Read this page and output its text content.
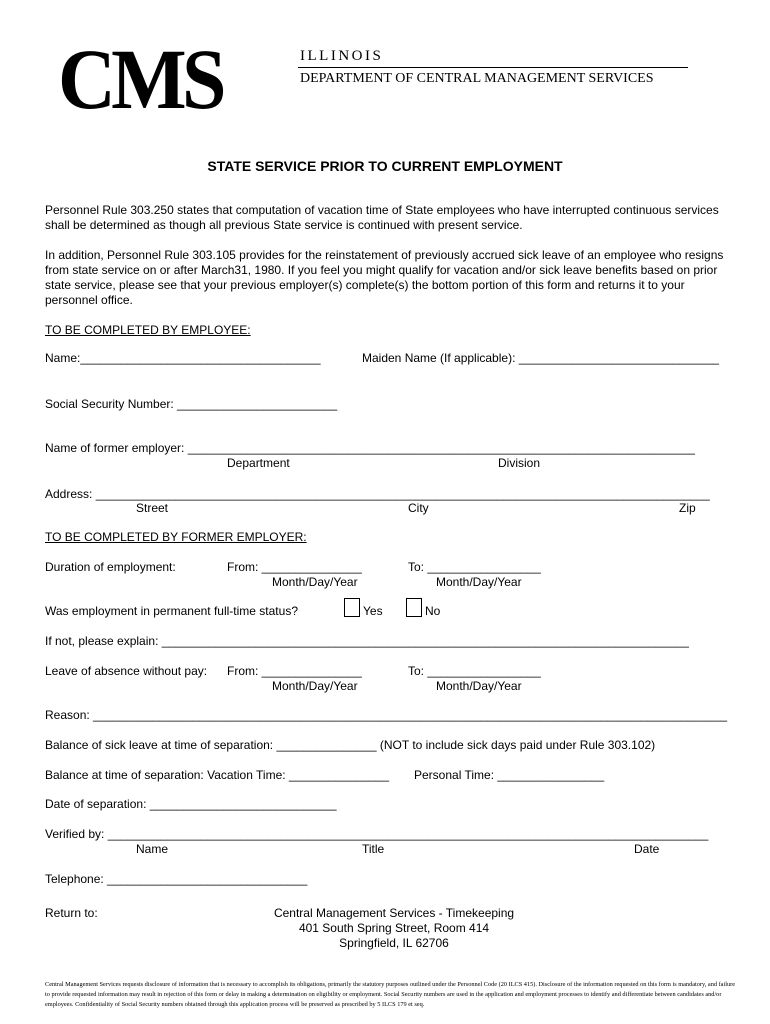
CMS	ILLINOIS
DEPARTMENT OF CENTRAL MANAGEMENT SERVICES
STATE SERVICE PRIOR TO CURRENT EMPLOYMENT
Personnel Rule 303.250 states that computation of vacation time of State employees who have interrupted continuous services shall be determined as though all previous State service is continued with present service.
In addition, Personnel Rule 303.105 provides for the reinstatement of previously accrued sick leave of an employee who resigns from state service on or after March31, 1980. If you feel you might qualify for vacation and/or sick leave benefits based on prior state service, please see that your previous employer(s) complete(s) the bottom portion of this form and returns it to your personnel office.
TO BE COMPLETED BY EMPLOYEE:
Name:____________________________________	Maiden Name (If applicable): ______________________________
Social Security Number: ________________________
Name of former employer: ____________________________________________________________________________
Department	Division
Address: ____________________________________________________________________________________________
Street	City	Zip
TO BE COMPLETED BY FORMER EMPLOYER:
Duration of employment:	From: _______________	To: _________________
Month/Day/Year	Month/Day/Year
Was employment in permanent full-time status?	Yes	No
If not, please explain: _______________________________________________________________________________
Leave of absence without pay: From: _______________	To: _________________
Month/Day/Year	Month/Day/Year
Reason: _______________________________________________________________________________________________
Balance of sick leave at time of separation: _______________ (NOT to include sick days paid under Rule 303.102)
Balance at time of separation: Vacation Time: _______________ Personal Time: ________________
Date of separation: ____________________________
Verified by: __________________________________________________________________________________________
Name	Title	Date
Telephone: ______________________________
Return to:	Central Management Services - Timekeeping
401 South Spring Street, Room 414
Springfield, IL 62706
Central Management Services requests disclosure of information that is necessary to accomplish its obligations, primarily the statutory purposes outlined under the Personnel Code (20 ILCS 415). Disclosure of the information requested on this form is mandatory, and failure to provide requested information may result in rejection of this form or delay in making a determination on eligibility or employment. Social Security numbers are used in the application and employment processes to identify and differentiate between candidates and/or employees. Confidentiality of Social Security numbers obtained through this application process will be preserved as prescribed by 5 ILCS 179 et seq.
